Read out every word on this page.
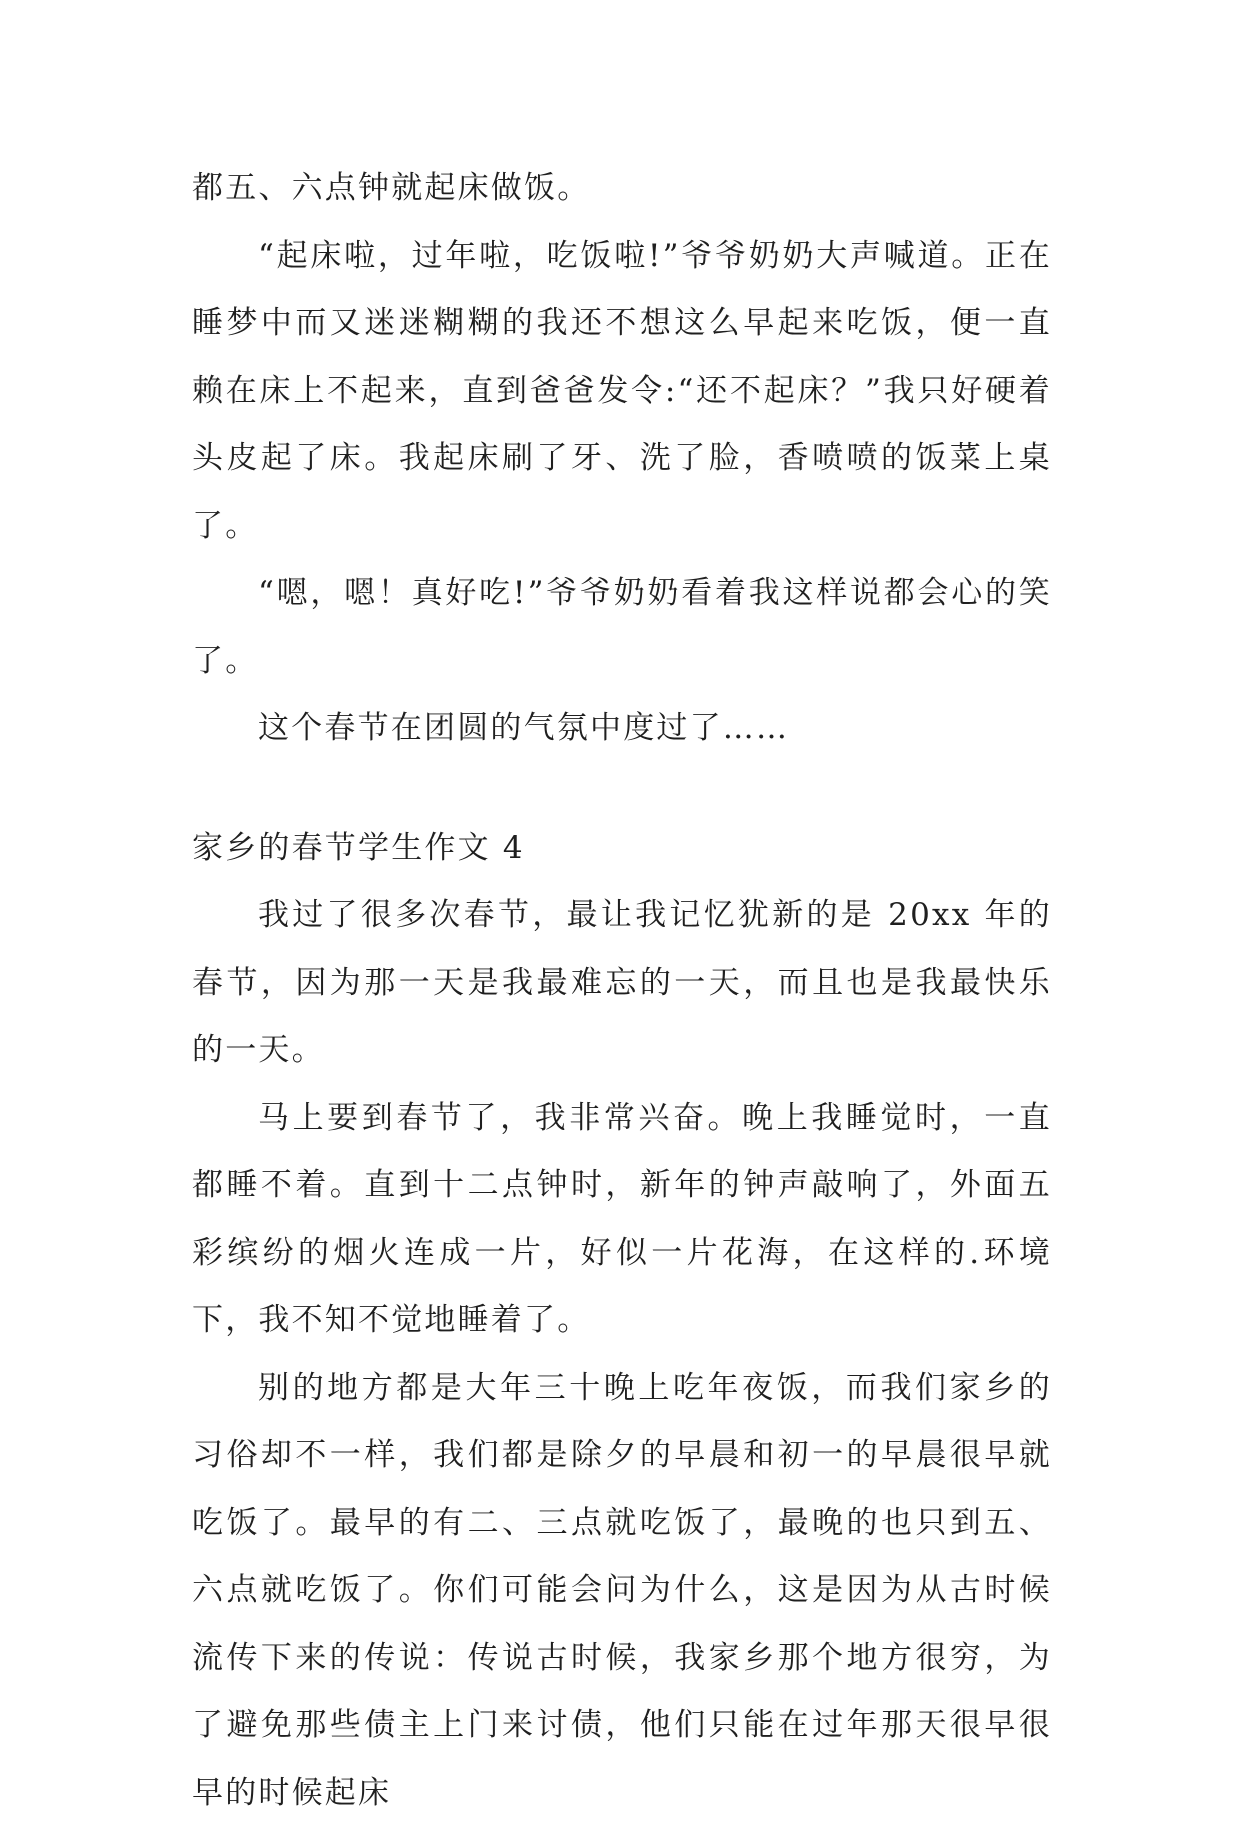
都五、六点钟就起床做饭。

“起床啦，过年啦，吃饭啦!”爷爷奶奶大声喊道。正在睡梦中而又迷迷糊糊的我还不想这么早起来吃饭，便一直赖在床上不起来，直到爸爸发令:“还不起床？”我只好硬着头皮起了床。我起床刷了牙、洗了脸，香喷喷的饭菜上桌了。

“嗯，嗯！真好吃!”爷爷奶奶看着我这样说都会心的笑了。

这个春节在团圆的气氛中度过了……

家乡的春节学生作文 4

我过了很多次春节，最让我记忆犹新的是 20xx 年的春节，因为那一天是我最难忘的一天，而且也是我最快乐的一天。

马上要到春节了，我非常兴奋。晚上我睡觉时，一直都睡不着。直到十二点钟时，新年的钟声敲响了，外面五彩缤纷的烟火连成一片，好似一片花海，在这样的.环境下，我不知不觉地睡着了。

别的地方都是大年三十晚上吃年夜饭，而我们家乡的习俗却不一样，我们都是除夕的早晨和初一的早晨很早就吃饭了。最早的有二、三点就吃饭了，最晚的也只到五、六点就吃饭了。你们可能会问为什么，这是因为从古时候流传下来的传说：传说古时候，我家乡那个地方很穷，为了避免那些债主上门来讨债，他们只能在过年那天很早很早的时候起床
